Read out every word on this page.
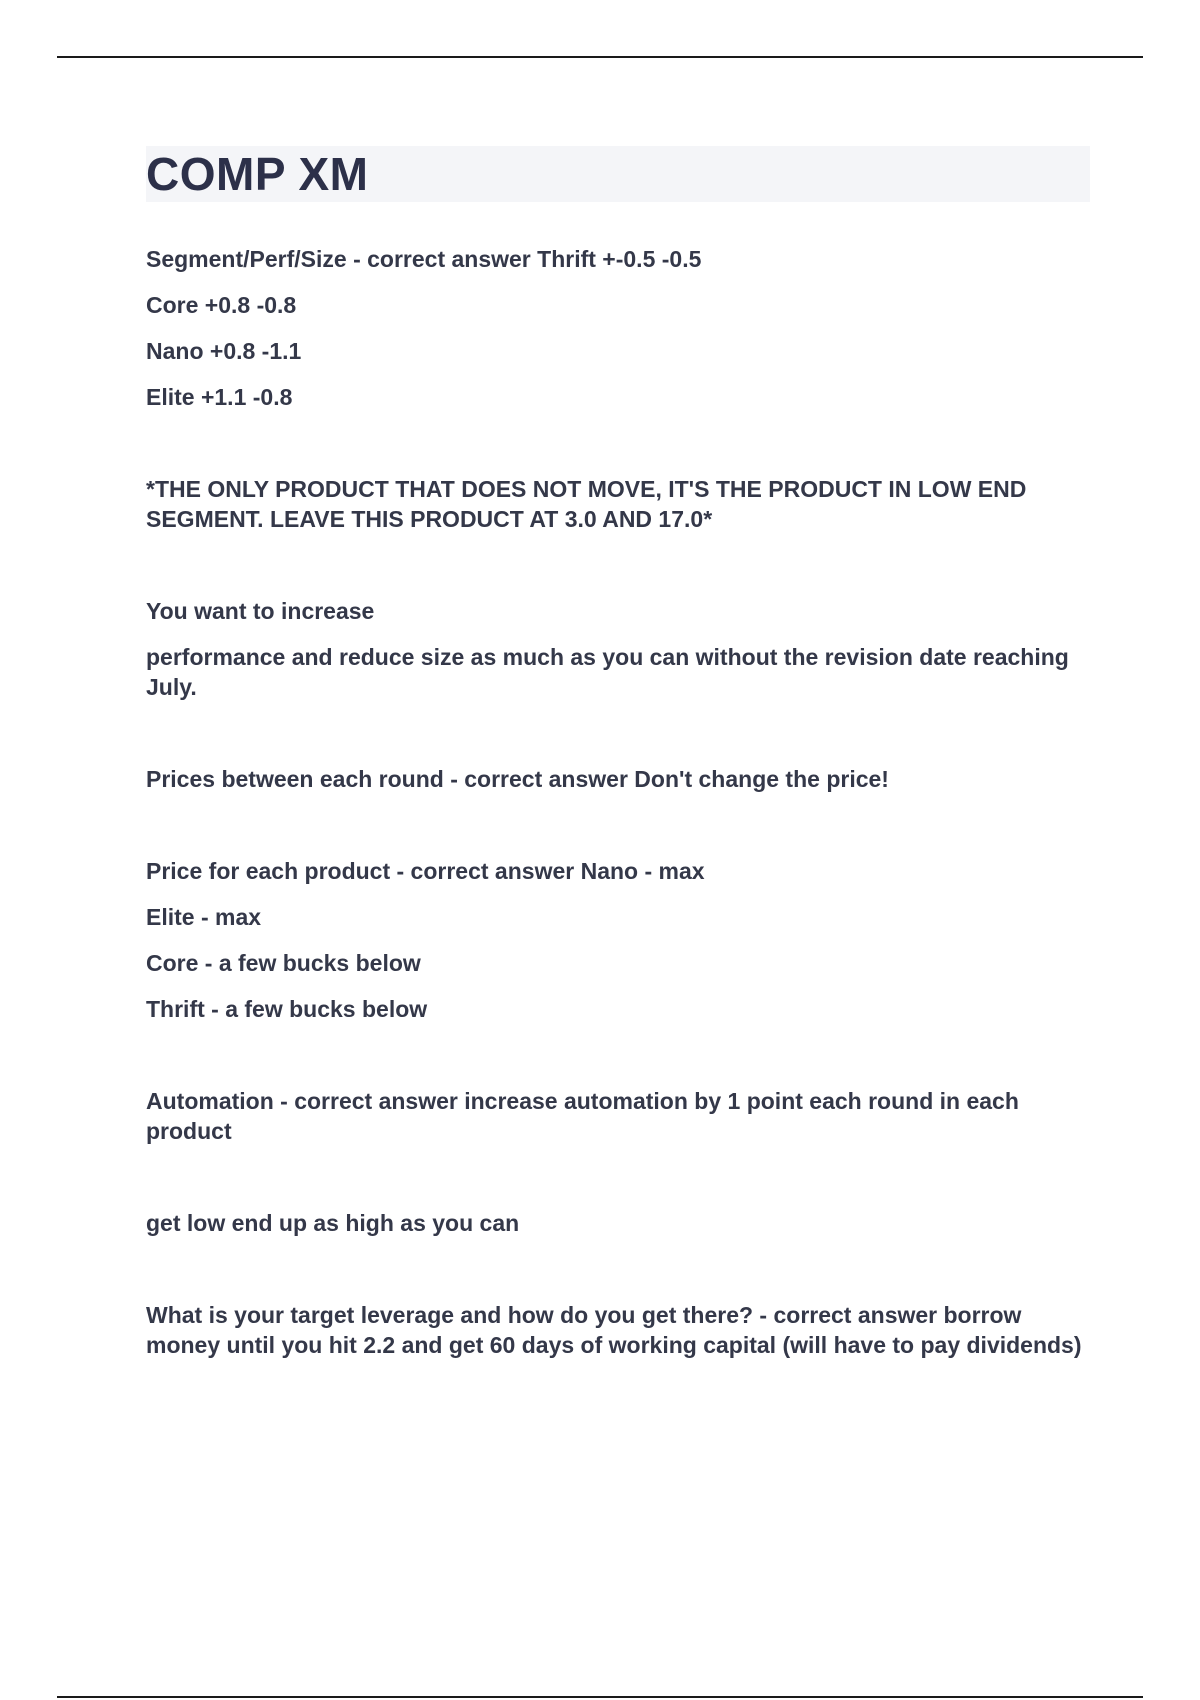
COMP XM

Segment/Perf/Size - correct answer Thrift +-0.5 -0.5

Core +0.8 -0.8

Nano +0.8 -1.1

Elite +1.1 -0.8

*THE ONLY PRODUCT THAT DOES NOT MOVE, IT'S THE PRODUCT IN LOW END SEGMENT. LEAVE THIS PRODUCT AT 3.0 AND 17.0*

You want to increase

performance and reduce size as much as you can without the revision date reaching July.

Prices between each round - correct answer Don't change the price!

Price for each product - correct answer Nano - max

Elite - max

Core - a few bucks below

Thrift - a few bucks below

Automation - correct answer increase automation by 1 point each round in each product

get low end up as high as you can

What is your target leverage and how do you get there? - correct answer borrow money until you hit 2.2 and get 60 days of working capital (will have to pay dividends)
